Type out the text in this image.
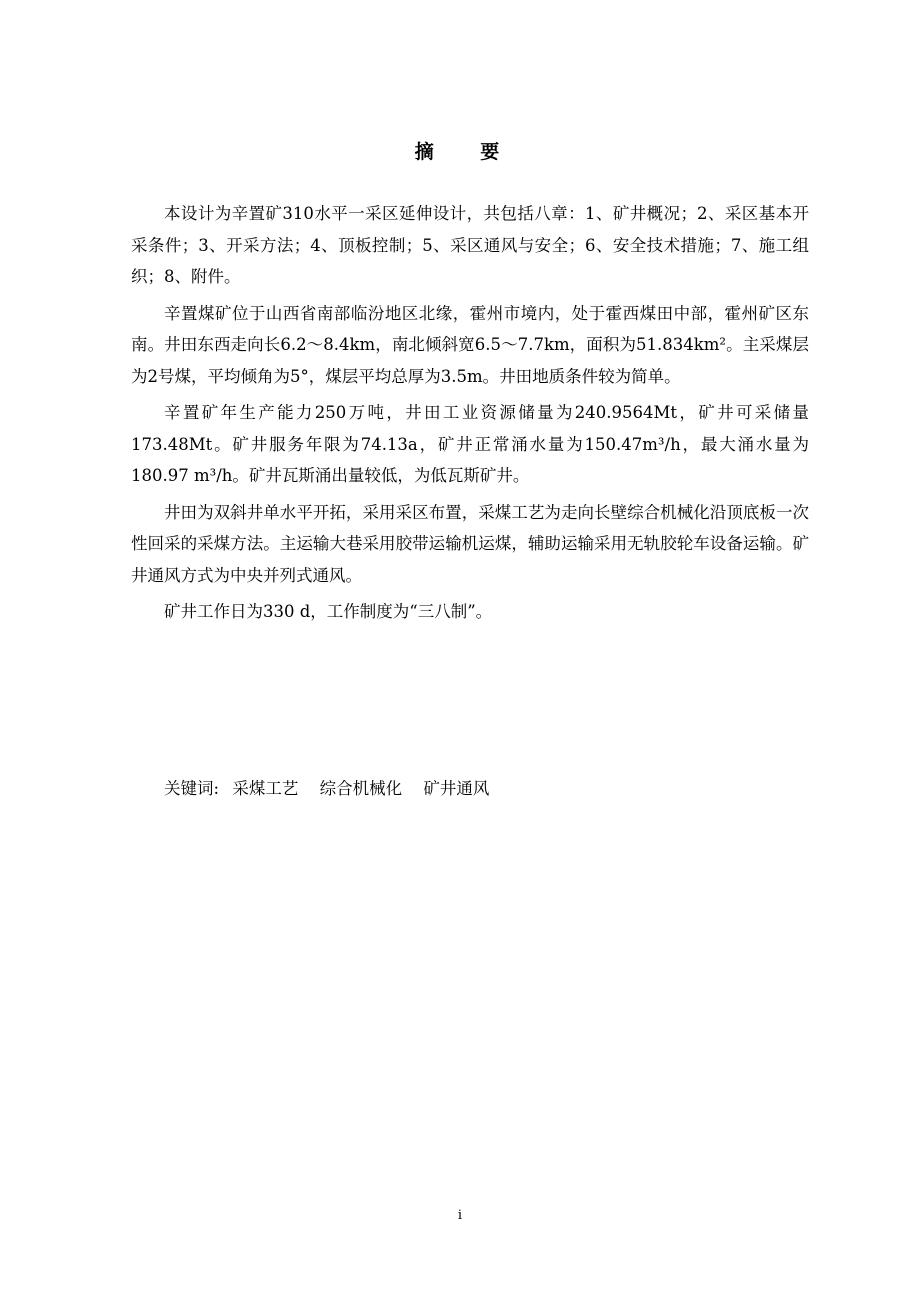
摘 要

本设计为辛置矿310水平一采区延伸设计，共包括八章：1、矿井概况；2、采区基本开采条件；3、开采方法；4、顶板控制；5、采区通风与安全；6、安全技术措施；7、施工组织；8、附件。

辛置煤矿位于山西省南部临汾地区北缘，霍州市境内，处于霍西煤田中部，霍州矿区东南。井田东西走向长6.2～8.4km，南北倾斜宽6.5～7.7km，面积为51.834km²。主采煤层为2号煤，平均倾角为5°，煤层平均总厚为3.5m。井田地质条件较为简单。

辛置矿年生产能力250万吨，井田工业资源储量为240.9564Mt，矿井可采储量173.48Mt。矿井服务年限为74.13a，矿井正常涌水量为150.47m³/h，最大涌水量为180.97 m³/h。矿井瓦斯涌出量较低，为低瓦斯矿井。

井田为双斜井单水平开拓，采用采区布置，采煤工艺为走向长壁综合机械化沿顶底板一次性回采的采煤方法。主运输大巷采用胶带运输机运煤，辅助运输采用无轨胶轮车设备运输。矿井通风方式为中央并列式通风。

矿井工作日为330 d，工作制度为“三八制”。

关键词: 采煤工艺 综合机械化 矿井通风
i
